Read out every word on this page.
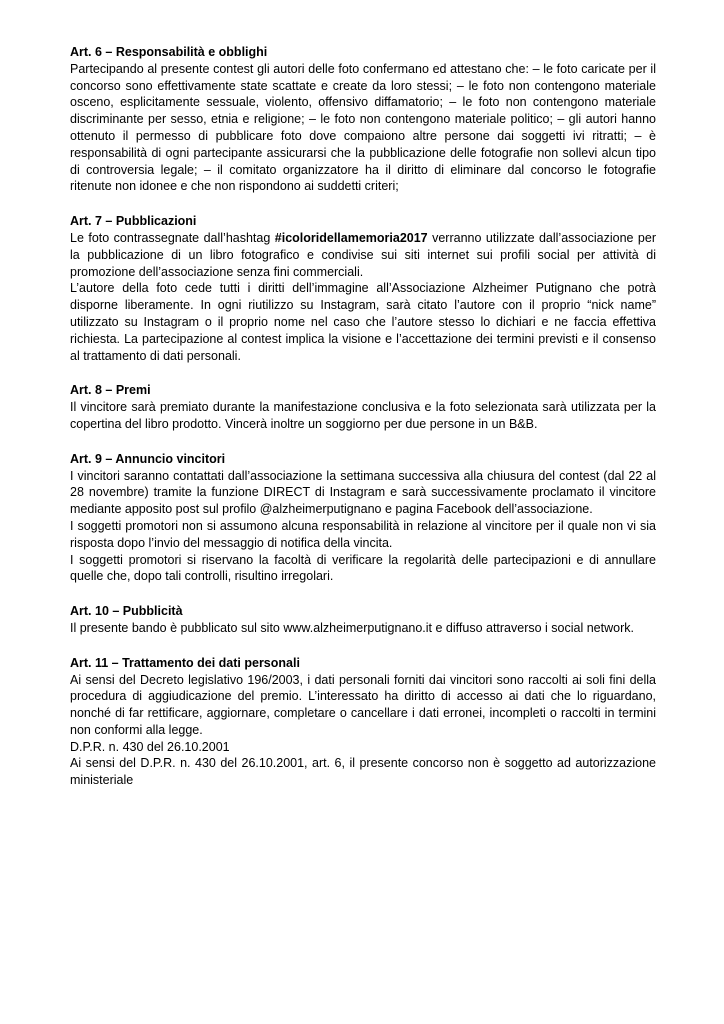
Art. 6 – Responsabilità e obblighi

Partecipando al presente contest gli autori delle foto confermano ed attestano che: – le foto caricate per il concorso sono effettivamente state scattate e create da loro stessi; – le foto non contengono materiale osceno, esplicitamente sessuale, violento, offensivo diffamatorio; – le foto non contengono materiale discriminante per sesso, etnia e religione; – le foto non contengono materiale politico; – gli autori hanno ottenuto il permesso di pubblicare foto dove compaiono altre persone dai soggetti ivi ritratti; – è responsabilità di ogni partecipante assicurarsi che la pubblicazione delle fotografie non sollevi alcun tipo di controversia legale; – il comitato organizzatore ha il diritto di eliminare dal concorso le fotografie ritenute non idonee e che non rispondono ai suddetti criteri;

Art. 7 – Pubblicazioni

Le foto contrassegnate dall’hashtag #icoloridellamemoria2017 verranno utilizzate dall’associazione per la pubblicazione di un libro fotografico e condivise sui siti internet sui profili social per attività di promozione dell’associazione senza fini commerciali.

L’autore della foto cede tutti i diritti dell’immagine all’Associazione Alzheimer Putignano che potrà disporne liberamente. In ogni riutilizzo su Instagram, sarà citato l’autore con il proprio “nick name” utilizzato su Instagram o il proprio nome nel caso che l’autore stesso lo dichiari e ne faccia effettiva richiesta. La partecipazione al contest implica la visione e l’accettazione dei termini previsti e il consenso al trattamento di dati personali.

Art. 8 – Premi

Il vincitore sarà premiato durante la manifestazione conclusiva e la foto selezionata sarà utilizzata per la copertina del libro prodotto. Vincerà inoltre un soggiorno per due persone in un B&B.

Art. 9 – Annuncio vincitori

I vincitori saranno contattati dall’associazione la settimana successiva alla chiusura del contest (dal 22 al 28 novembre) tramite la funzione DIRECT di Instagram e sarà successivamente proclamato il vincitore mediante apposito post sul profilo @alzheimerputignano e pagina Facebook dell’associazione.

I soggetti promotori non si assumono alcuna responsabilità in relazione al vincitore per il quale non vi sia risposta dopo l’invio del messaggio di notifica della vincita.

I soggetti promotori si riservano la facoltà di verificare la regolarità delle partecipazioni e di annullare quelle che, dopo tali controlli, risultino irregolari.

Art. 10 – Pubblicità

Il presente bando è pubblicato sul sito www.alzheimerputignano.it e diffuso attraverso i social network.

Art. 11 – Trattamento dei dati personali

Ai sensi del Decreto legislativo 196/2003, i dati personali forniti dai vincitori sono raccolti ai soli fini della procedura di aggiudicazione del premio. L’interessato ha diritto di accesso ai dati che lo riguardano, nonché di far rettificare, aggiornare, completare o cancellare i dati erronei, incompleti o raccolti in termini non conformi alla legge.

D.P.R. n. 430 del 26.10.2001

Ai sensi del D.P.R. n. 430 del 26.10.2001, art. 6, il presente concorso non è soggetto ad autorizzazione ministeriale
